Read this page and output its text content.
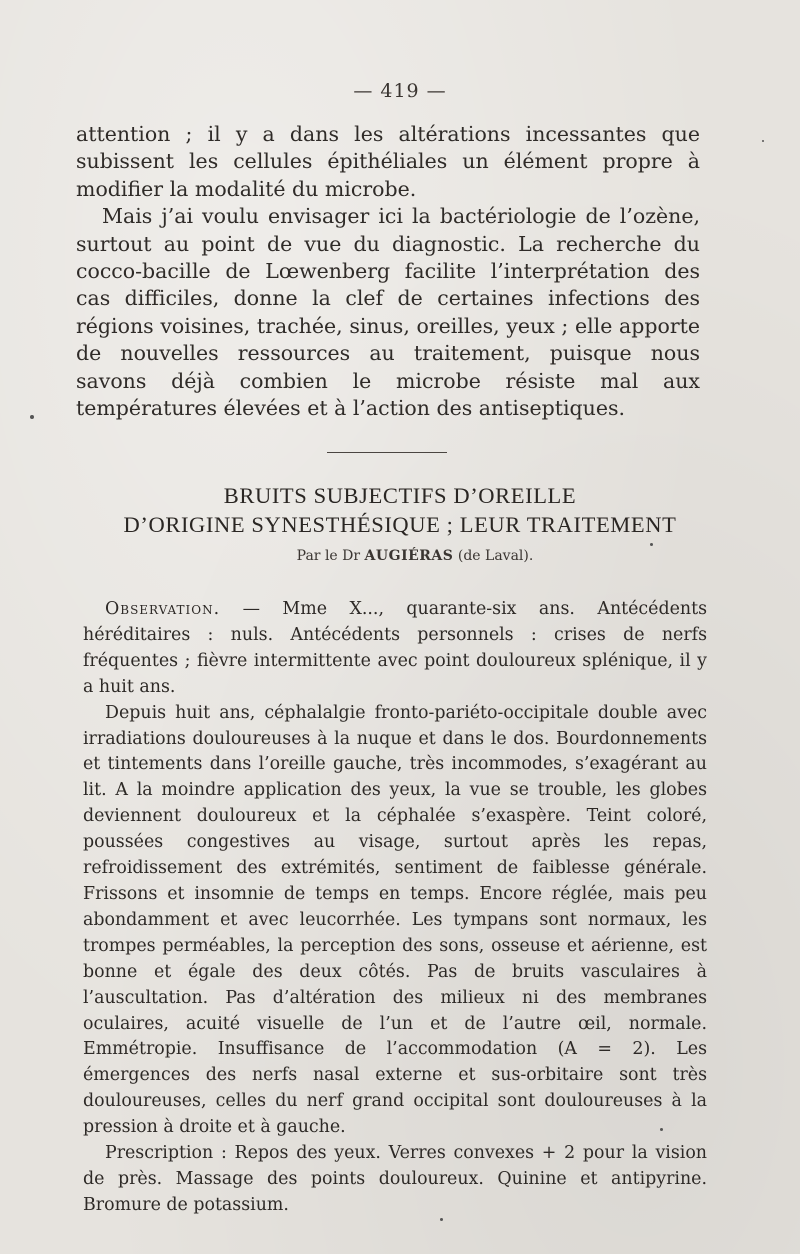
— 419 —

attention ; il y a dans les altérations incessantes que subissent les cellules épithéliales un élément propre à modifier la modalité du microbe.

Mais j’ai voulu envisager ici la bactériologie de l’ozène, surtout au point de vue du diagnostic. La recherche du cocco-bacille de Lœwenberg facilite l’interprétation des cas difficiles, donne la clef de certaines infections des régions voisines, trachée, sinus, oreilles, yeux ; elle apporte de nouvelles ressources au traitement, puisque nous savons déjà combien le microbe résiste mal aux températures élevées et à l’action des antiseptiques.

BRUITS SUBJECTIFS D’OREILLE
D’ORIGINE SYNESTHÉSIQUE ; LEUR TRAITEMENT
Par le Dr AUGIÉRAS (de Laval).

Observation. — Mme X..., quarante-six ans. Antécédents héréditaires : nuls. Antécédents personnels : crises de nerfs fréquentes ; fièvre intermittente avec point douloureux splénique, il y a huit ans.

Depuis huit ans, céphalalgie fronto-pariéto-occipitale double avec irradiations douloureuses à la nuque et dans le dos. Bourdonnements et tintements dans l’oreille gauche, très incommodes, s’exagérant au lit. A la moindre application des yeux, la vue se trouble, les globes deviennent douloureux et la céphalée s’exaspère. Teint coloré, poussées congestives au visage, surtout après les repas, refroidissement des extrémités, sentiment de faiblesse générale. Frissons et insomnie de temps en temps. Encore réglée, mais peu abondamment et avec leucorrhée. Les tympans sont normaux, les trompes perméables, la perception des sons, osseuse et aérienne, est bonne et égale des deux côtés. Pas de bruits vasculaires à l’auscultation. Pas d’altération des milieux ni des membranes oculaires, acuité visuelle de l’un et de l’autre œil, normale. Emmétropie. Insuffisance de l’accommodation (A = 2). Les émergences des nerfs nasal externe et sus-orbitaire sont très douloureuses, celles du nerf grand occipital sont douloureuses à la pression à droite et à gauche.

Prescription : Repos des yeux. Verres convexes + 2 pour la vision de près. Massage des points douloureux. Quinine et antipyrine. Bromure de potassium.
